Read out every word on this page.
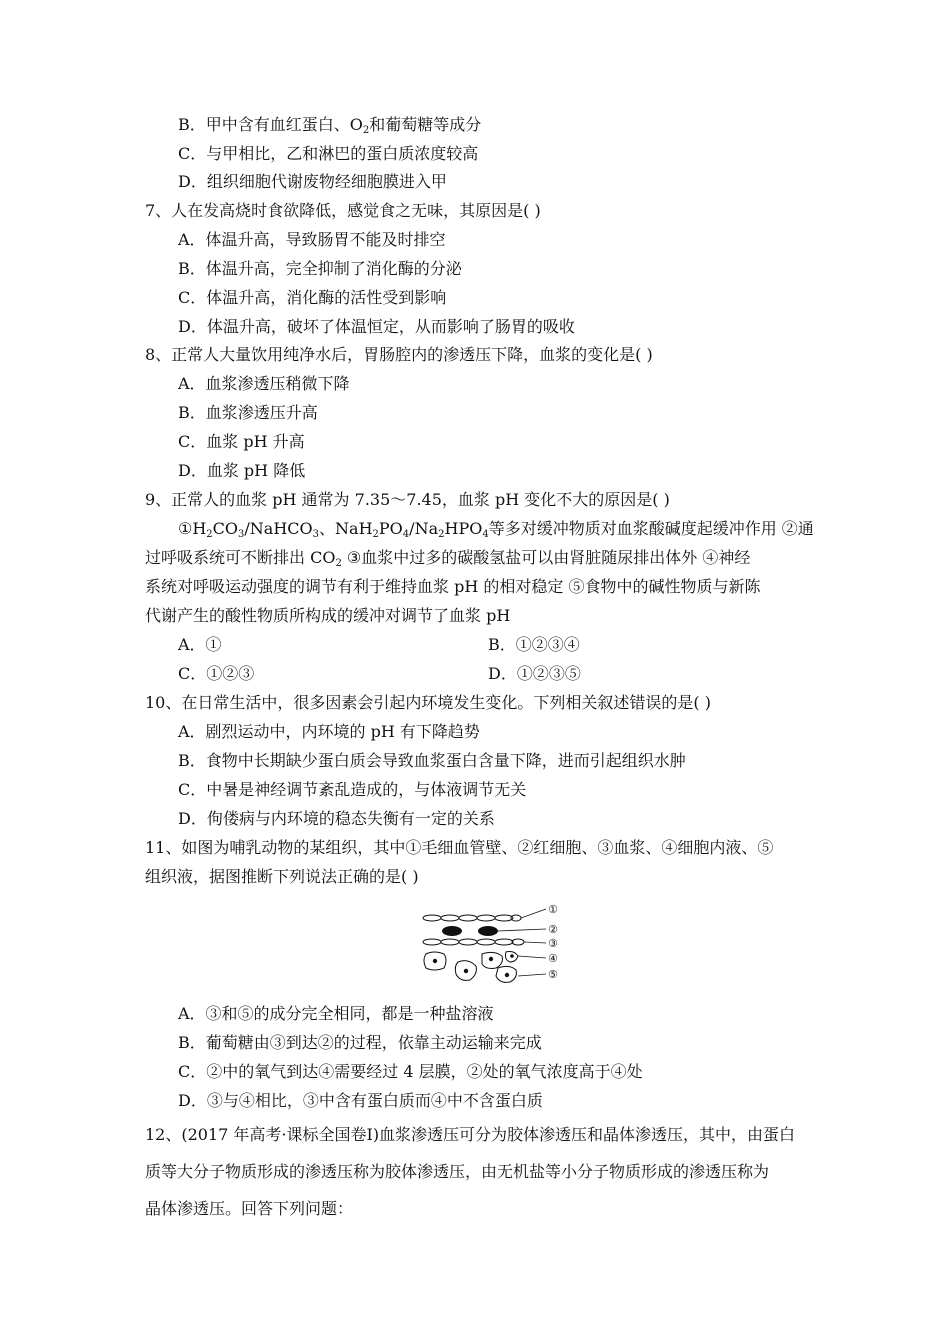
B．甲中含有血红蛋白、$O_2$和葡萄糖等成分
C．与甲相比，乙和淋巴的蛋白质浓度较高
D．组织细胞代谢废物经细胞膜进入甲
7、人在发高烧时食欲降低，感觉食之无味，其原因是( )
A．体温升高，导致肠胃不能及时排空
B．体温升高，完全抑制了消化酶的分泌
C．体温升高，消化酶的活性受到影响
D．体温升高，破坏了体温恒定，从而影响了肠胃的吸收
8、正常人大量饮用纯净水后，胃肠腔内的渗透压下降，血浆的变化是( )
A．血浆渗透压稍微下降
B．血浆渗透压升高
C．血浆 pH 升高
D．血浆 pH 降低
9、正常人的血浆 pH 通常为 7.35～7.45，血浆 pH 变化不大的原因是( )
$①H_2CO_3/NaHCO_3$、$NaH_2PO_4/Na_2HPO_4$等多对缓冲物质对血浆酸碱度起缓冲作用 ②通
过呼吸系统可不断排出 $CO_2$ ③血浆中过多的碳酸氢盐可以由肾脏随尿排出体外 ④神经
系统对呼吸运动强度的调节有利于维持血浆 pH 的相对稳定 ⑤食物中的碱性物质与新陈
代谢产生的酸性物质所构成的缓冲对调节了血浆 pH
A．①	B．①②③④
C．①②③	D．①②③⑤
10、在日常生活中，很多因素会引起内环境发生变化。下列相关叙述错误的是( )
A．剧烈运动中，内环境的 pH 有下降趋势
B．食物中长期缺少蛋白质会导致血浆蛋白含量下降，进而引起组织水肿
C．中暑是神经调节紊乱造成的，与体液调节无关
D．佝偻病与内环境的稳态失衡有一定的关系
11、如图为哺乳动物的某组织，其中①毛细血管壁、②红细胞、③血浆、④细胞内液、⑤
组织液，据图推断下列说法正确的是( )
①
②
③
④
⑤
A．③和⑤的成分完全相同，都是一种盐溶液
B．葡萄糖由③到达②的过程，依靠主动运输来完成
C．②中的氧气到达④需要经过 4 层膜，②处的氧气浓度高于④处
D．③与④相比，③中含有蛋白质而④中不含蛋白质
12、(2017 年高考·课标全国卷Ⅰ)血浆渗透压可分为胶体渗透压和晶体渗透压，其中，由蛋白
质等大分子物质形成的渗透压称为胶体渗透压，由无机盐等小分子物质形成的渗透压称为
晶体渗透压。回答下列问题：
